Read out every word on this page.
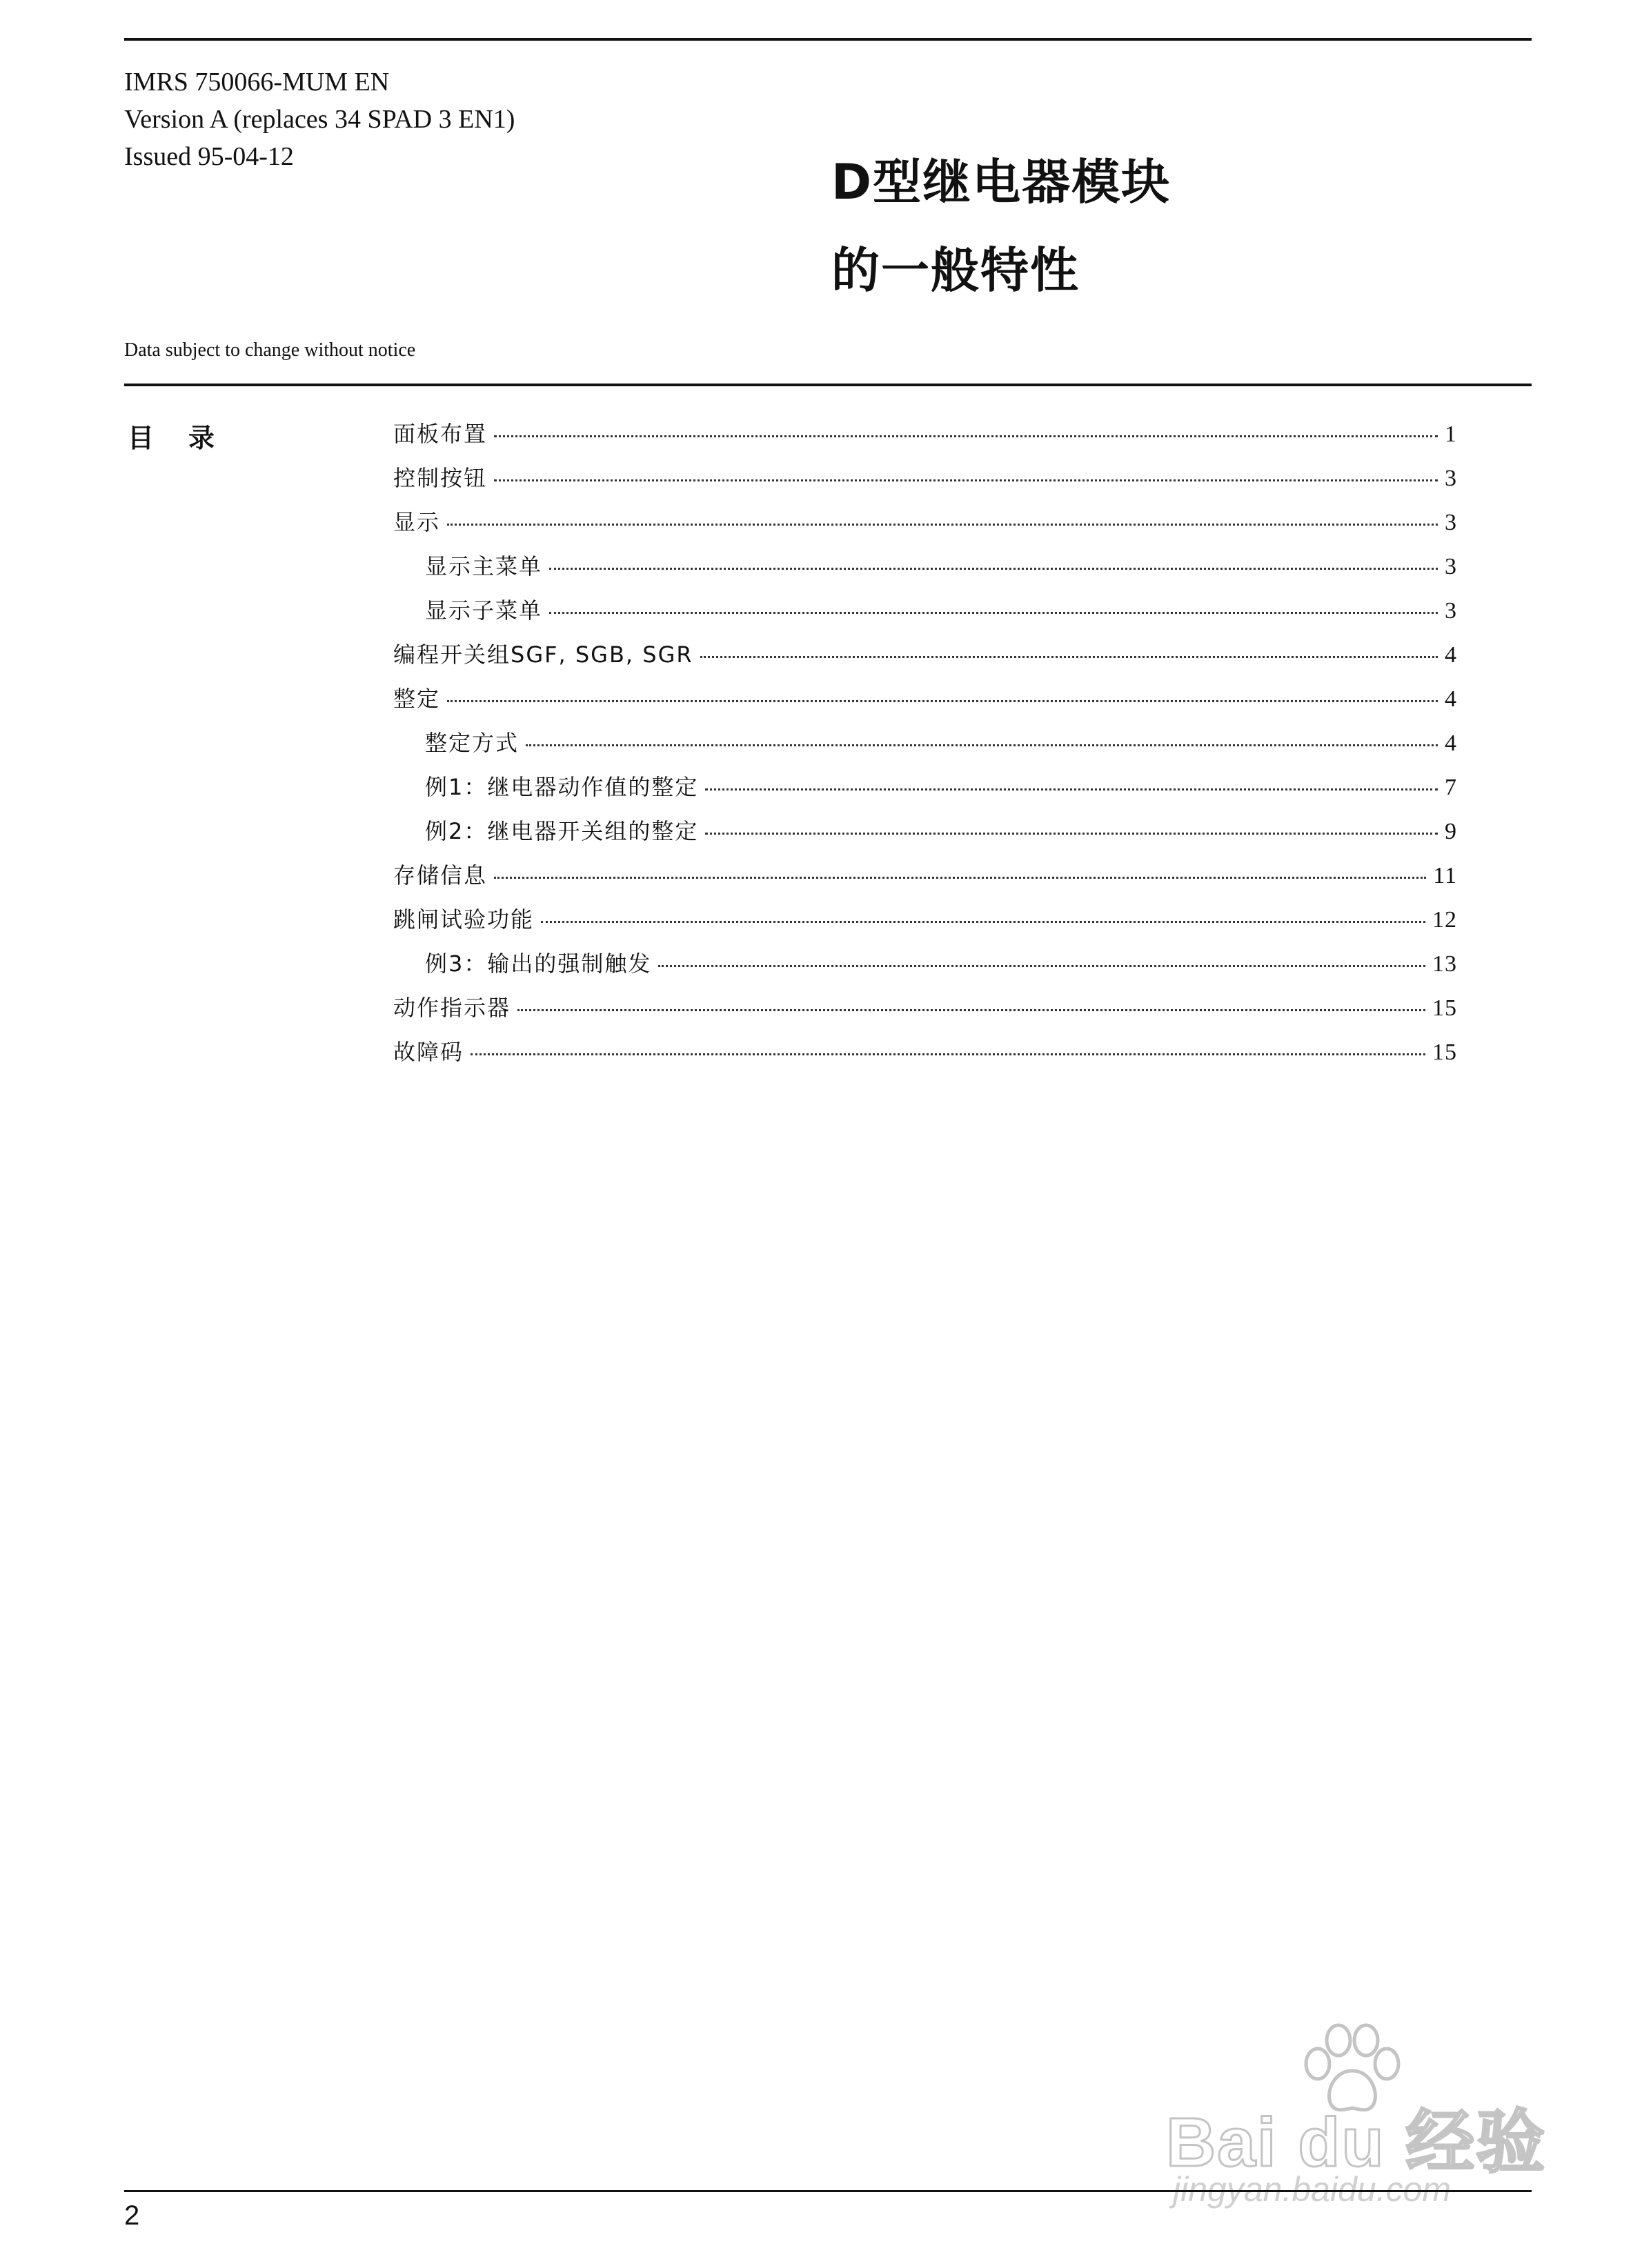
IMRS 750066-MUM EN
Version A (replaces 34 SPAD 3 EN1)
Issued 95-04-12	D型继电器模块
的一般特性
Data subject to change without notice
目录	面板布置	1
控制按钮	3
显示	3
显示主菜单	3
显示子菜单	3
编程开关组SGF, SGB, SGR	4
整定	4
整定方式	4
例1：继电器动作值的整定	7
例2：继电器开关组的整定	9
存储信息	11
跳闸试验功能	12
例3：输出的强制触发	13
动作指示器	15
故障码	15
Bai du 经验
jingyan.baidu.com
2
